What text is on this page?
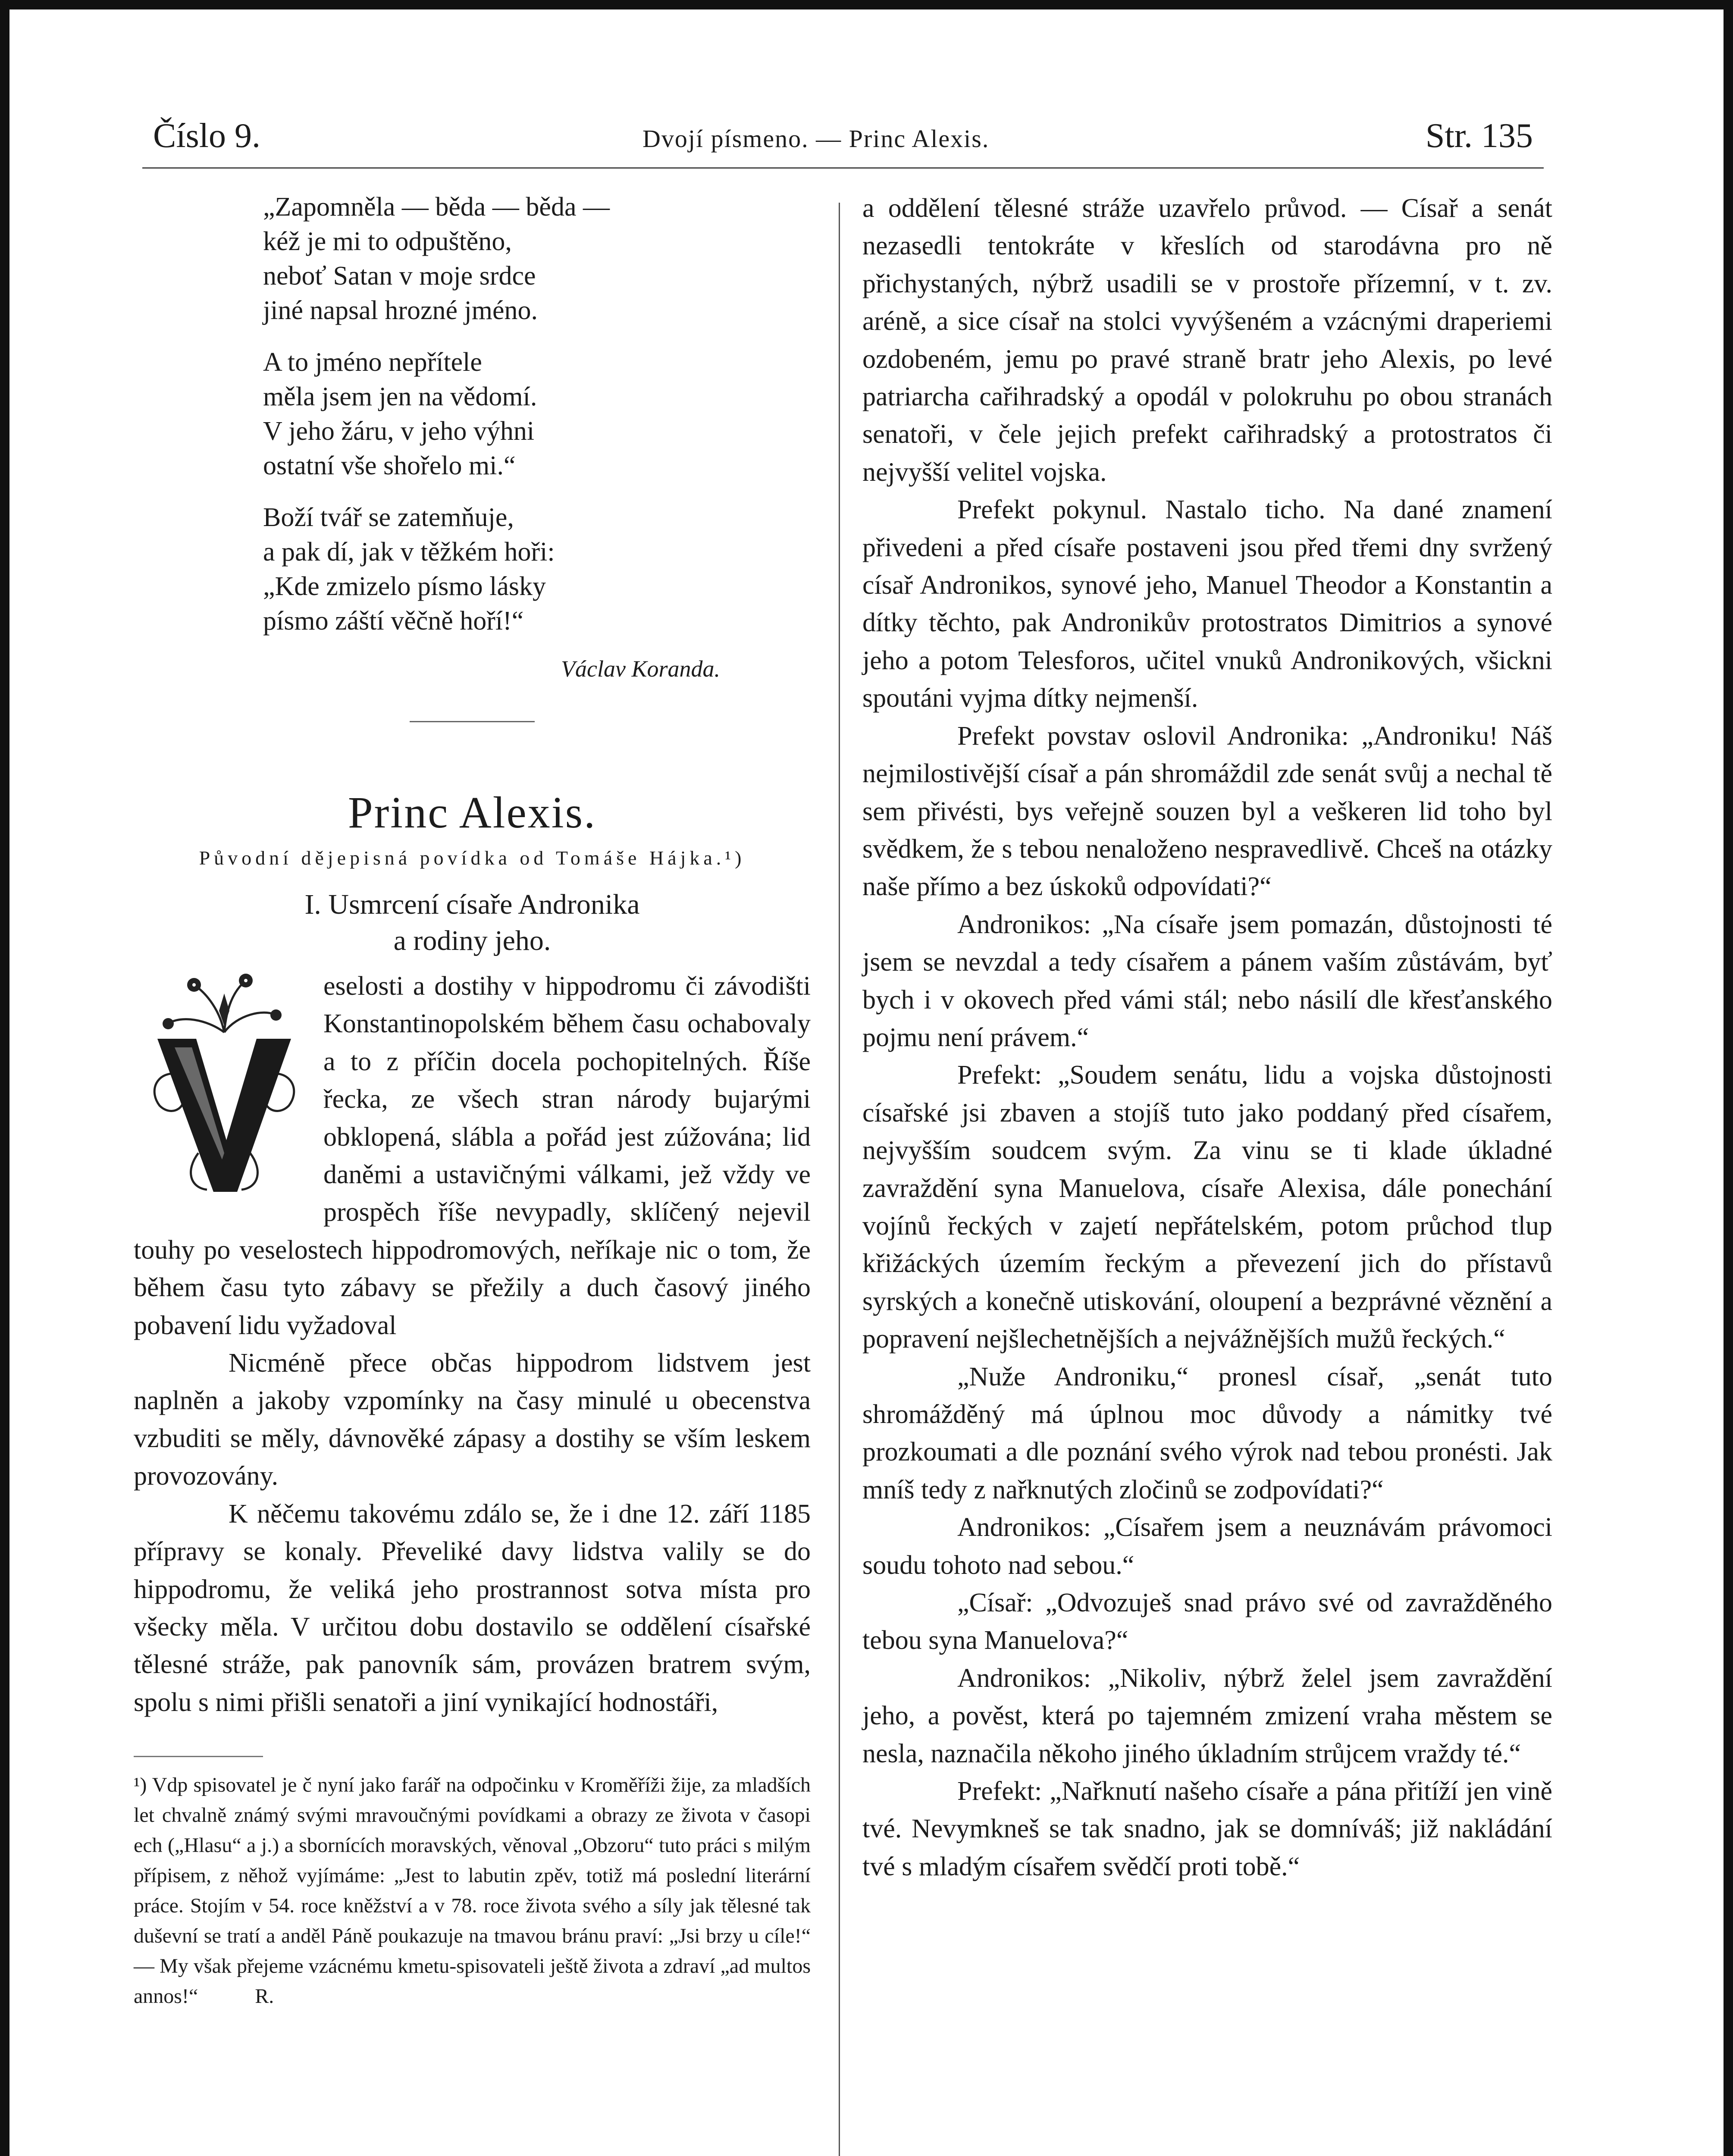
Číslo 9.	Dvojí písmeno. — Princ Alexis.	Str. 135
„Zapomněla — běda — běda —
kéž je mi to odpuštěno,
neboť Satan v moje srdce
jiné napsal hrozné jméno.
A to jméno nepřítele
měla jsem jen na vědomí.
V jeho žáru, v jeho výhni
ostatní vše shořelo mi.“
Boží tvář se zatemňuje,
a pak dí, jak v těžkém hoři:
„Kde zmizelo písmo lásky
písmo záští věčně hoří!“
Václav Koranda.
Princ Alexis.
Původní dějepisná povídka od Tomáše Hájka.¹)
I. Usmrcení císaře Andronika
a rodiny jeho.
V

eselosti a dostihy v hippodromu či závodišti Konstantinopolském během času ochabovaly a to z příčin docela pochopitelných. Říše řecka, ze všech stran národy bujarými obklopená, slábla a pořád jest zúžována; lid daněmi a ustavičnými válkami, jež vždy ve prospěch říše nevypadly, sklíčený nejevil touhy po veselostech hippodromových, neříkaje nic o tom, že během času tyto zábavy se přežily a duch časový jiného pobavení lidu vyžadoval

Nicméně přece občas hippodrom lidstvem jest naplněn a jakoby vzpomínky na časy minulé u obecenstva vzbuditi se měly, dávnověké zápasy a dostihy se vším leskem provozovány.

K něčemu takovému zdálo se, že i dne 12. září 1185 přípravy se konaly. Převeliké davy lidstva valily se do hippodromu, že veliká jeho prostrannost sotva místa pro všecky měla. V určitou dobu dostavilo se oddělení císařské tělesné stráže, pak panovník sám, provázen bratrem svým, spolu s nimi přišli senatoři a jiní vynikající hodnostáři,

¹) Vdp spisovatel je č nyní jako farář na odpočinku v Kroměříži žije, za mladších let chvalně známý svými mravoučnými povídkami a obrazy ze života v časopi ech („Hlasu“ a j.) a sbornících moravských, věnoval „Obzoru“ tuto práci s milým přípisem, z něhož vyjímáme: „Jest to labutin zpěv, totiž má poslední literární práce. Stojím v 54. roce kněžství a v 78. roce života svého a síly jak tělesné tak duševní se tratí a anděl Páně poukazuje na tmavou bránu praví: „Jsi brzy u cíle!“ — My však přejeme vzácnému kmetu-spisovateli ještě života a zdraví „ad multos annos!“	R.

a oddělení tělesné stráže uzavřelo průvod. — Císař a senát nezasedli tentokráte v křeslích od starodávna pro ně přichystaných, nýbrž usadili se v prostoře přízemní, v t. zv. aréně, a sice císař na stolci vyvýšeném a vzácnými draperiemi ozdobeném, jemu po pravé straně bratr jeho Alexis, po levé patriarcha cařihradský a opodál v polokruhu po obou stranách senatoři, v čele jejich prefekt cařihradský a protostratos či nejvyšší velitel vojska.

Prefekt pokynul. Nastalo ticho. Na dané znamení přivedeni a před císaře postaveni jsou před třemi dny svržený císař Andronikos, synové jeho, Manuel Theodor a Konstantin a dítky těchto, pak Andronikův protostratos Dimitrios a synové jeho a potom Telesforos, učitel vnuků Andronikových, všickni spoutáni vyjma dítky nejmenší.

Prefekt povstav oslovil Andronika: „Androniku! Náš nejmilostivější císař a pán shromáždil zde senát svůj a nechal tě sem přivésti, bys veřejně souzen byl a veškeren lid toho byl svědkem, že s tebou nenaloženo nespravedlivě. Chceš na otázky naše přímo a bez úskoků odpovídati?“

Andronikos: „Na císaře jsem pomazán, důstojnosti té jsem se nevzdal a tedy císařem a pánem vaším zůstávám, byť bych i v okovech před vámi stál; nebo násilí dle křesťanského pojmu není právem.“

Prefekt: „Soudem senátu, lidu a vojska důstojnosti císařské jsi zbaven a stojíš tuto jako poddaný před císařem, nejvyšším soudcem svým. Za vinu se ti klade úkladné zavraždění syna Manuelova, císaře Alexisa, dále ponechání vojínů řeckých v zajetí nepřátelském, potom průchod tlup křižáckých územím řeckým a převezení jich do přístavů syrských a konečně utiskování, oloupení a bezprávné věznění a popravení nejšlechetnějších a nejvážnějších mužů řeckých.“

„Nuže Androniku,“ pronesl císař, „senát tuto shromážděný má úplnou moc důvody a námitky tvé prozkoumati a dle poznání svého výrok nad tebou pronésti. Jak mníš tedy z nařknutých zločinů se zodpovídati?“

Andronikos: „Císařem jsem a neuznávám právomoci soudu tohoto nad sebou.“

„Císař: „Odvozuješ snad právo své od zavražděného tebou syna Manuelova?“

Andronikos: „Nikoliv, nýbrž želel jsem zavraždění jeho, a pověst, která po tajemném zmizení vraha městem se nesla, naznačila někoho jiného úkladním strůjcem vraždy té.“

Prefekt: „Nařknutí našeho císaře a pána přitíží jen vině tvé. Nevymkneš se tak snadno, jak se domníváš; již nakládání tvé s mladým císařem svědčí proti tobě.“
